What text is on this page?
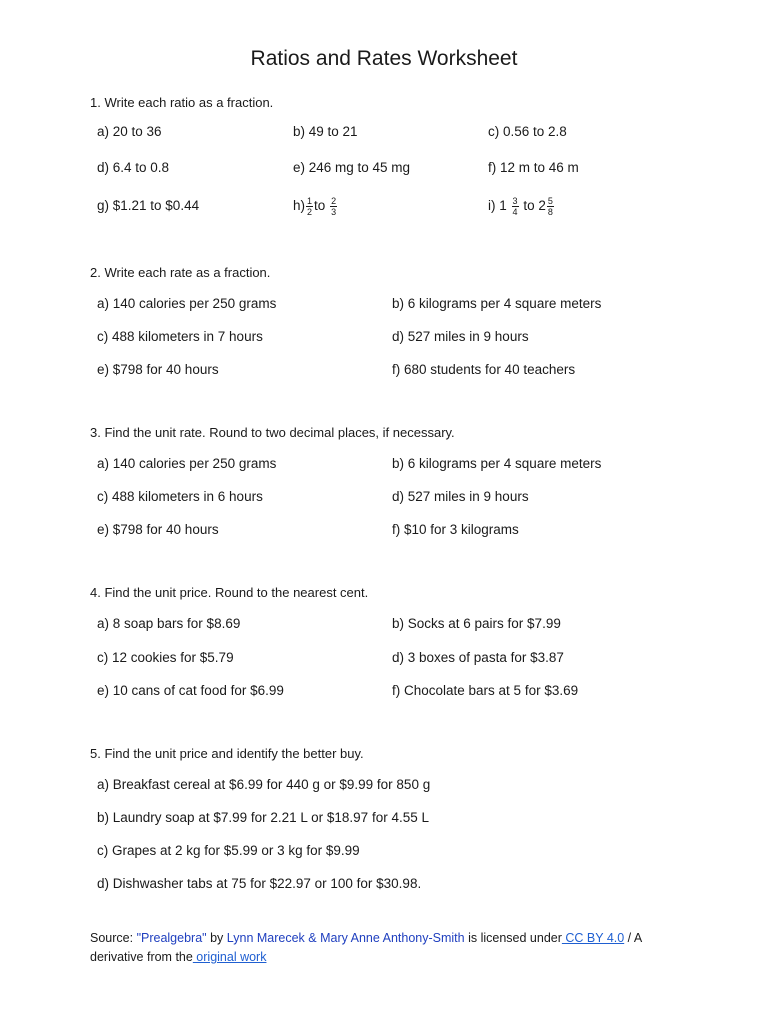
Ratios and Rates Worksheet
1. Write each ratio as a fraction.
a) 20 to 36	b) 49 to 21	c) 0.56 to 2.8
d) 6.4 to 0.8	e) 246 mg to 45 mg	f) 12 m to 46 m
g) $1.21 to $0.44	$h) \frac{1}{2}$ to $\frac{2}{3}$	i) $1 \frac{3}{4}$ to $2 \frac{5}{8}$
2. Write each rate as a fraction.
a) 140 calories per 250 grams	b) 6 kilograms per 4 square meters
c) 488 kilometers in 7 hours	d) 527 miles in 9 hours
e) $798 for 40 hours	f) 680 students for 40 teachers
3. Find the unit rate. Round to two decimal places, if necessary.
a) 140 calories per 250 grams	b) 6 kilograms per 4 square meters
c) 488 kilometers in 6 hours	d) 527 miles in 9 hours
e) $798 for 40 hours	f) $10 for 3 kilograms
4. Find the unit price. Round to the nearest cent.
a) 8 soap bars for $8.69	b) Socks at 6 pairs for $7.99
c) 12 cookies for $5.79	d) 3 boxes of pasta for $3.87
e) 10 cans of cat food for $6.99	f) Chocolate bars at 5 for $3.69
5. Find the unit price and identify the better buy.
a) Breakfast cereal at $6.99 for 440 g or $9.99 for 850 g
b) Laundry soap at $7.99 for 2.21 L or $18.97 for 4.55 L
c) Grapes at 2 kg for $5.99 or 3 kg for $9.99
d) Dishwasher tabs at 75 for $22.97 or 100 for $30.98.
Source: "Prealgebra" by Lynn Marecek & Mary Anne Anthony-Smith is licensed under CC BY 4.0 / A derivative from the original work
